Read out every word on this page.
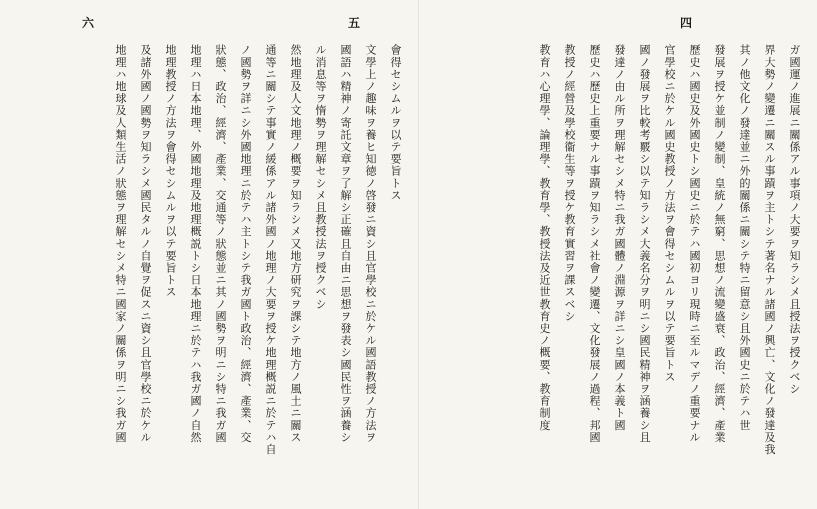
六	五
會得セシムルヲ以テ要旨トス
文學上ノ趣味ヲ養ヒ知徳ノ啓發ニ資シ且官學校ニ於ケル國語教授ノ方法ヲ
國語ハ精神ノ寄託文章ヲ了解シ正確且自由ニ思想ヲ發表シ國民性ヲ涵養シ
ル消息等ヲ惰勢ヲ理解セシメ且教授法ヲ授クベシ
然地理及人文地理ノ概要ヲ知ラシメ又地方研究ヲ課シテ地方ノ風土ニ關ス
通等ニ關シテ事實ノ緩係アル諸外國ノ地理ノ大要ヲ授ケ地理概説ニ於テハ自
ノ國勢ヲ詳ニシ外國地理ニ於テハ主トシテ我ガ國ト政治、經濟、產業、交
狀態、政治、經濟、產業、交通等ノ狀態並ニ其ノ國勢ヲ明ニシ特ニ我ガ國
地理ハ日本地理、外國地理及地理概説トシ日本地理ニ於テハ我ガ國ノ自然
地理教授ノ方法ヲ會得セシムルヲ以テ要旨トス
及諸外國ノ國勢ヲ知ラシメ國民タルノ自覺ヲ促スニ資シ且官學校ニ於ケル
地理ハ地球及人類生活ノ狀態ヲ理解セシメ特ニ國家ノ關係ヲ明ニシ我ガ國
四
ガ國運ノ進展ニ關係アル事項ノ大要ヲ知ラシメ且授法ヲ授クベシ
界大勢ノ變遷ニ關スル事蹟ヲ主トシテ著名ナル諸國ノ興亡、文化ノ發達及我
其ノ他文化ノ發達並ニ外的關係ニ關シテ特ニ留意シ且外國史ニ於テハ世
發展ヲ授ケ並制ノ變制、皇統ノ無窮、思想ノ流變盛衰、政治、經濟、產業
歷史ハ國史及外國史トシ國史ニ於テハ國初ヨリ現時ニ至ルマデノ重要ナル
官學校ニ於ケル國史教授ノ方法ヲ會得セシムルヲ以テ要旨トス
國ノ發展ヲ比較考覈シ以テ知ラシメ大義名分ヲ明ニシ國民精神ヲ涵養シ且
發達ノ由ル所ヲ理解セシメ特ニ我ガ國體ノ淵源ヲ詳ニシ皇國ノ本義ト國
歷史ハ歷史上重要ナル事蹟ヲ知ラシメ社會ノ變遷、文化發展ノ過程、邦國
教授ノ經營及學校衞生等ヲ授ケ教育實習ヲ課スベシ
教育ハ心理學、論理學、教育學、教授法及近世教育史ノ概要、教育制度
